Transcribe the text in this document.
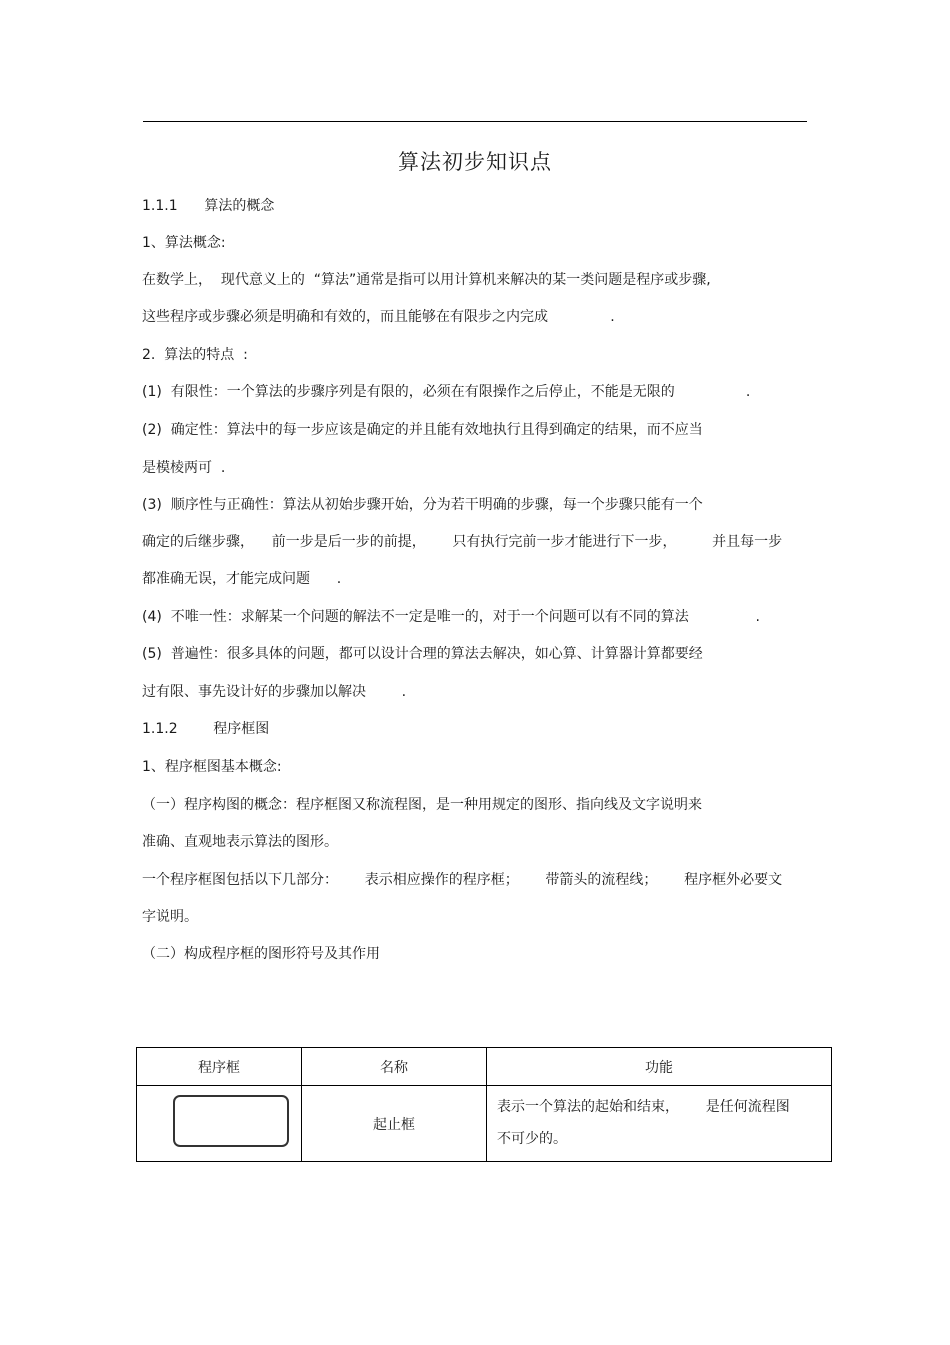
算法初步知识点
1.1.1      算法的概念
1、算法概念:
在数学上，  现代意义上的  “算法”通常是指可以用计算机来解决的某一类问题是程序或步骤,
这些程序或步骤必须是明确和有效的，而且能够在有限步之内完成              .
2.  算法的特点  :
(1)  有限性：一个算法的步骤序列是有限的，必须在有限操作之后停止，不能是无限的                .
(2)  确定性：算法中的每一步应该是确定的并且能有效地执行且得到确定的结果，而不应当
是模棱两可  .
(3)  顺序性与正确性：算法从初始步骤开始，分为若干明确的步骤，每一个步骤只能有一个
确定的后继步骤，    前一步是后一步的前提，      只有执行完前一步才能进行下一步，        并且每一步
都准确无误，才能完成问题      .
(4)  不唯一性：求解某一个问题的解法不一定是唯一的，对于一个问题可以有不同的算法               .
(5)  普遍性：很多具体的问题，都可以设计合理的算法去解决，如心算、计算器计算都要经
过有限、事先设计好的步骤加以解决        .
1.1.2        程序框图
1、程序框图基本概念:
（一）程序构图的概念：程序框图又称流程图，是一种用规定的图形、指向线及文字说明来
准确、直观地表示算法的图形。
一个程序框图包括以下几部分：      表示相应操作的程序框；      带箭头的流程线；      程序框外必要文
字说明。
（二）构成程序框的图形符号及其作用
程序框	名称	功能

	起止框	表示一个算法的起始和结束，      是任何流程图
不可少的。
